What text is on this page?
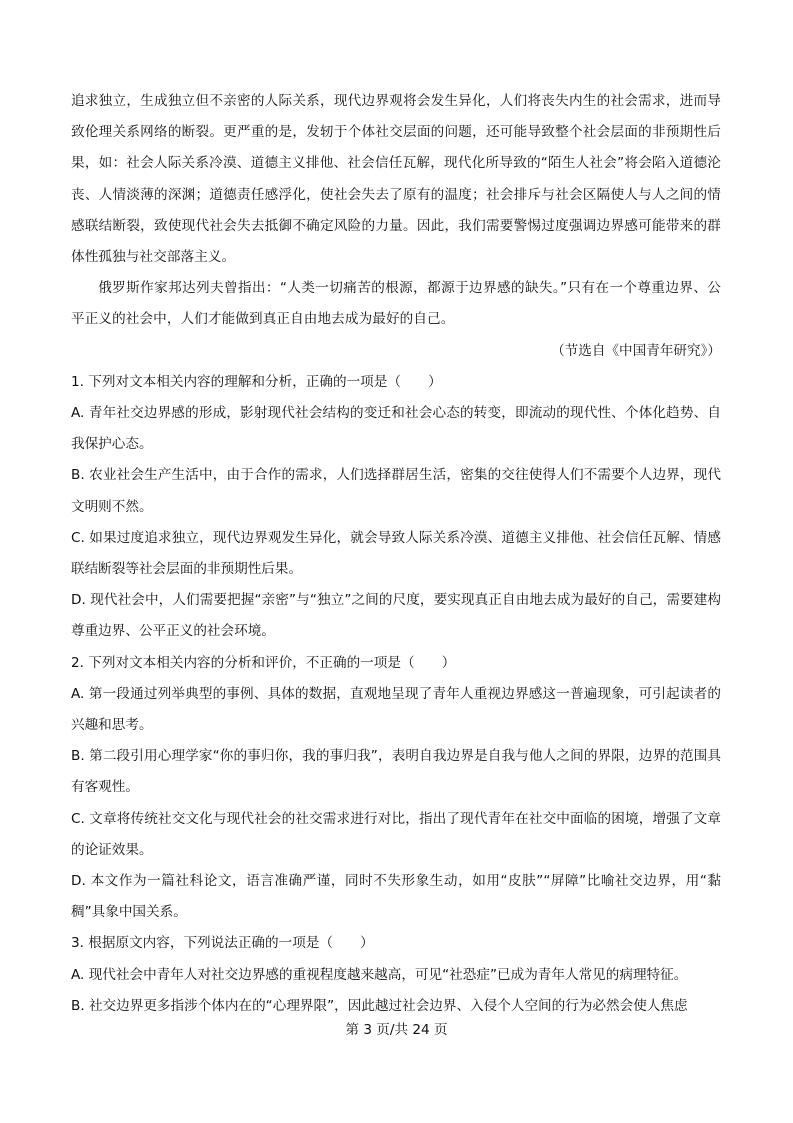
追求独立，生成独立但不亲密的人际关系，现代边界观将会发生异化，人们将丧失内生的社会需求，进而导致伦理关系网络的断裂。更严重的是，发轫于个体社交层面的问题，还可能导致整个社会层面的非预期性后果，如：社会人际关系冷漠、道德主义排他、社会信任瓦解，现代化所导致的“陌生人社会”将会陷入道德沦丧、人情淡薄的深渊；道德责任感浮化，使社会失去了原有的温度；社会排斥与社会区隔使人与人之间的情感联结断裂，致使现代社会失去抵御不确定风险的力量。因此，我们需要警惕过度强调边界感可能带来的群体性孤独与社交部落主义。

俄罗斯作家邦达列夫曾指出：“人类一切痛苦的根源，都源于边界感的缺失。”只有在一个尊重边界、公平正义的社会中，人们才能做到真正自由地去成为最好的自己。

（节选自《中国青年研究》）

1. 下列对文本相关内容的理解和分析，正确的一项是（　　）

A. 青年社交边界感的形成，影射现代社会结构的变迁和社会心态的转变，即流动的现代性、个体化趋势、自我保护心态。

B. 农业社会生产生活中，由于合作的需求，人们选择群居生活，密集的交往使得人们不需要个人边界，现代文明则不然。

C. 如果过度追求独立，现代边界观发生异化，就会导致人际关系冷漠、道德主义排他、社会信任瓦解、情感联结断裂等社会层面的非预期性后果。

D. 现代社会中，人们需要把握“亲密”与“独立”之间的尺度，要实现真正自由地去成为最好的自己，需要建构尊重边界、公平正义的社会环境。

2. 下列对文本相关内容的分析和评价，不正确的一项是（　　）

A. 第一段通过列举典型的事例、具体的数据，直观地呈现了青年人重视边界感这一普遍现象，可引起读者的兴趣和思考。

B. 第二段引用心理学家“你的事归你，我的事归我”，表明自我边界是自我与他人之间的界限，边界的范围具有客观性。

C. 文章将传统社交文化与现代社会的社交需求进行对比，指出了现代青年在社交中面临的困境，增强了文章的论证效果。

D. 本文作为一篇社科论文，语言准确严谨，同时不失形象生动，如用“皮肤”“屏障”比喻社交边界，用“黏稠”具象中国关系。

3. 根据原文内容，下列说法正确的一项是（　　）

A. 现代社会中青年人对社交边界感的重视程度越来越高，可见“社恐症”已成为青年人常见的病理特征。

B. 社交边界更多指涉个体内在的“心理界限”，因此越过社会边界、入侵个人空间的行为必然会使人焦虑

第 3 页/共 24 页
